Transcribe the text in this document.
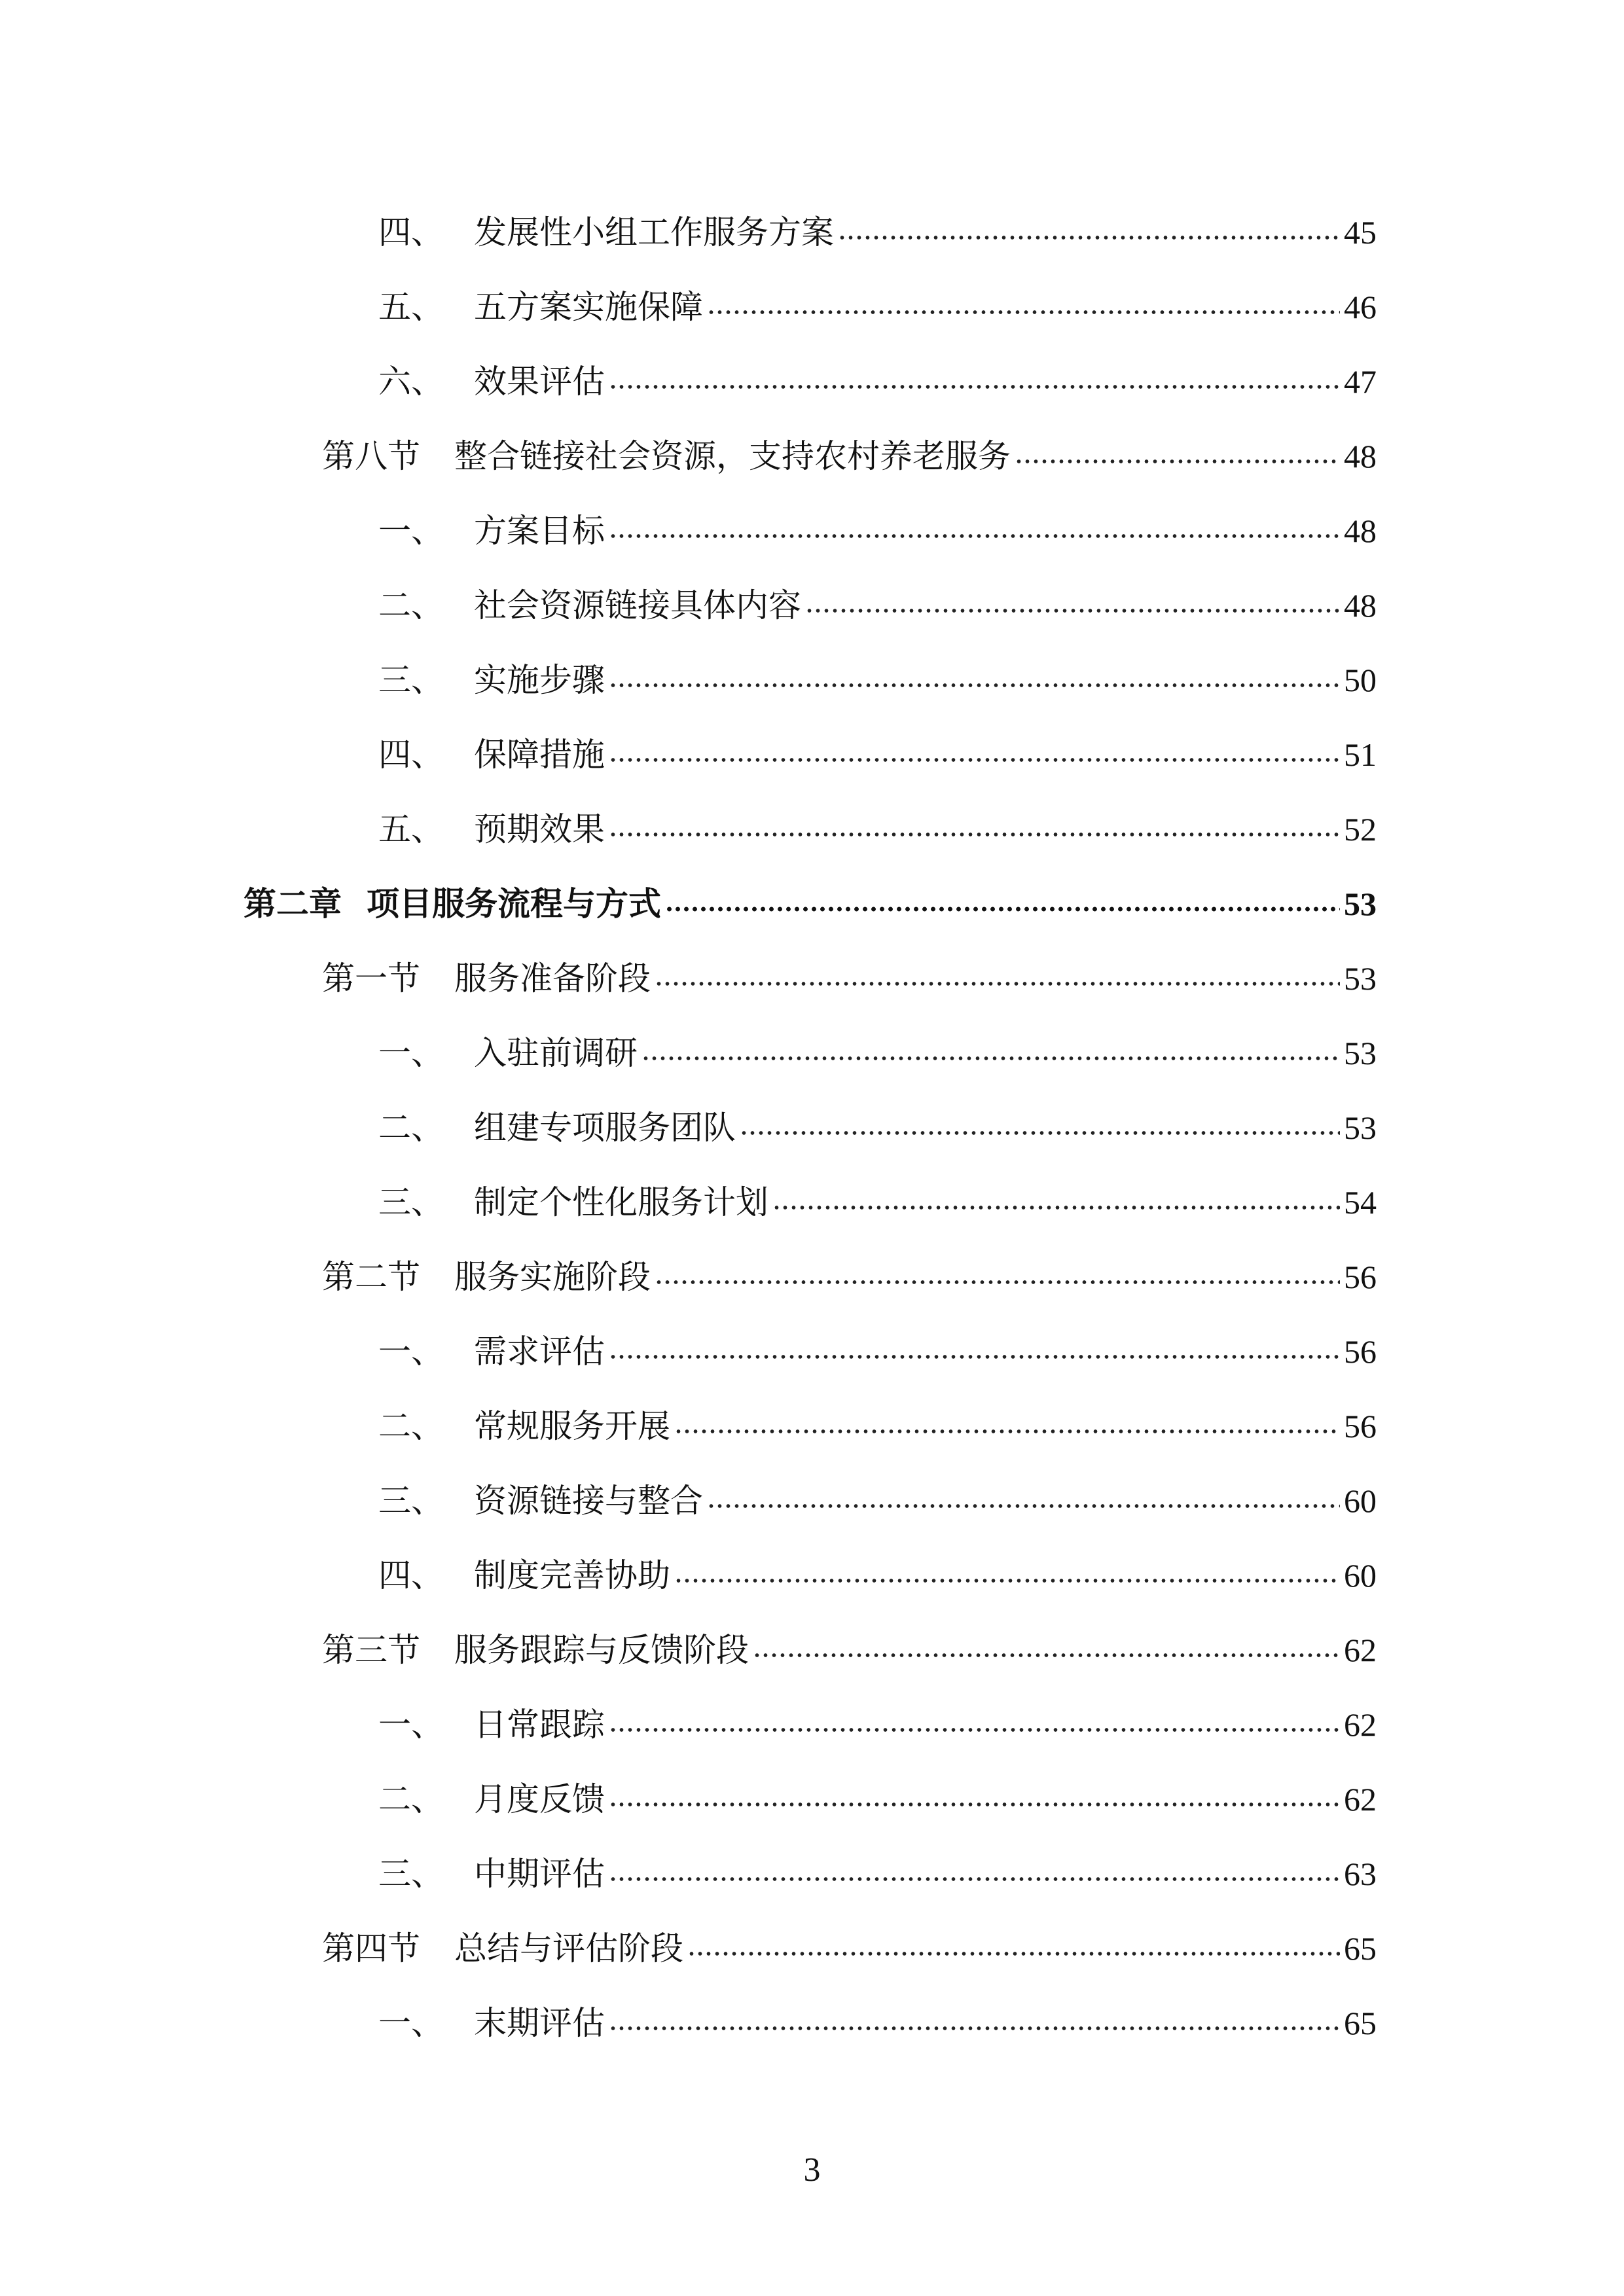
四、 发展性小组工作服务方案	45
五、 五方案实施保障	46
六、 效果评估	47
第八节	整合链接社会资源，支持农村养老服务	48
一、 方案目标	48
二、 社会资源链接具体内容	48
三、 实施步骤	50
四、 保障措施	51
五、 预期效果	52
第二章 项目服务流程与方式	53
第一节	服务准备阶段	53
一、 入驻前调研	53
二、 组建专项服务团队	53
三、 制定个性化服务计划	54
第二节	服务实施阶段	56
一、 需求评估	56
二、 常规服务开展	56
三、 资源链接与整合	60
四、 制度完善协助	60
第三节	服务跟踪与反馈阶段	62
一、 日常跟踪	62
二、 月度反馈	62
三、 中期评估	63
第四节	总结与评估阶段	65
一、 末期评估	65
3
